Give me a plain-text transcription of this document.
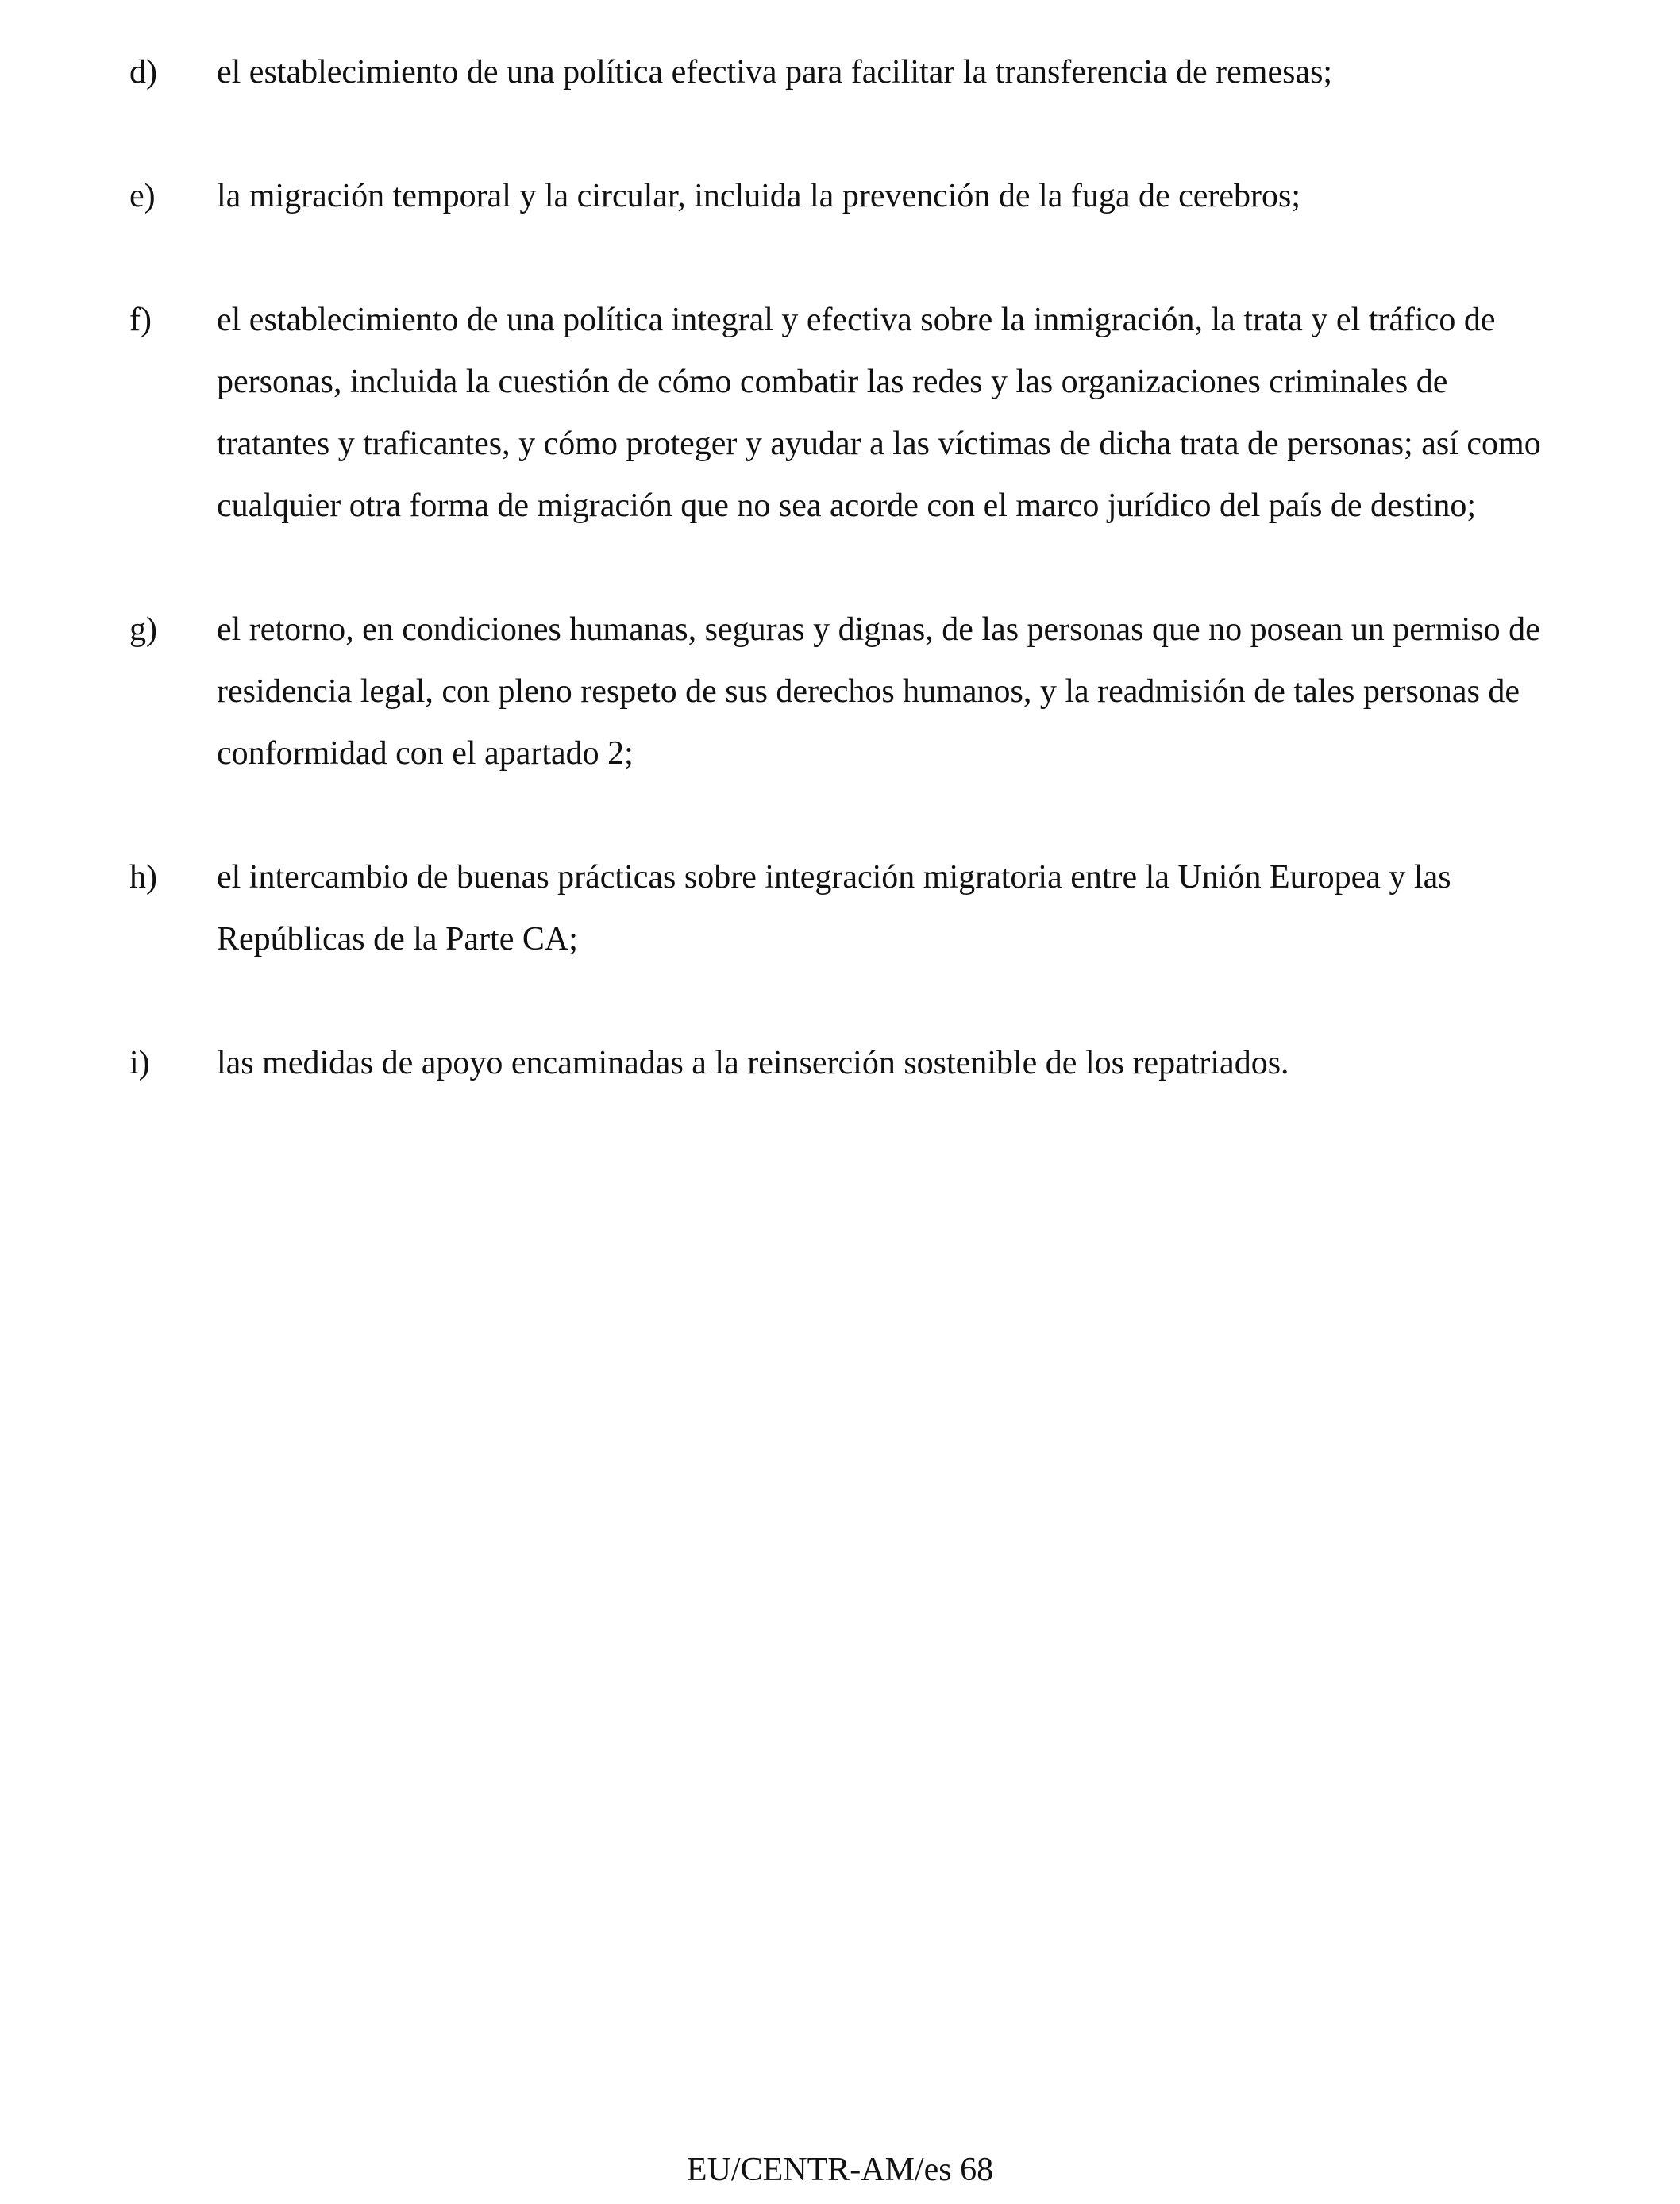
d) el establecimiento de una política efectiva para facilitar la transferencia de remesas;
e) la migración temporal y la circular, incluida la prevención de la fuga de cerebros;
f) el establecimiento de una política integral y efectiva sobre la inmigración, la trata y el tráfico de personas, incluida la cuestión de cómo combatir las redes y las organizaciones criminales de tratantes y traficantes, y cómo proteger y ayudar a las víctimas de dicha trata de personas; así como cualquier otra forma de migración que no sea acorde con el marco jurídico del país de destino;
g) el retorno, en condiciones humanas, seguras y dignas, de las personas que no posean un permiso de residencia legal, con pleno respeto de sus derechos humanos, y la readmisión de tales personas de conformidad con el apartado 2;
h) el intercambio de buenas prácticas sobre integración migratoria entre la Unión Europea y las Repúblicas de la Parte CA;
i) las medidas de apoyo encaminadas a la reinserción sostenible de los repatriados.
EU/CENTR-AM/es 68
